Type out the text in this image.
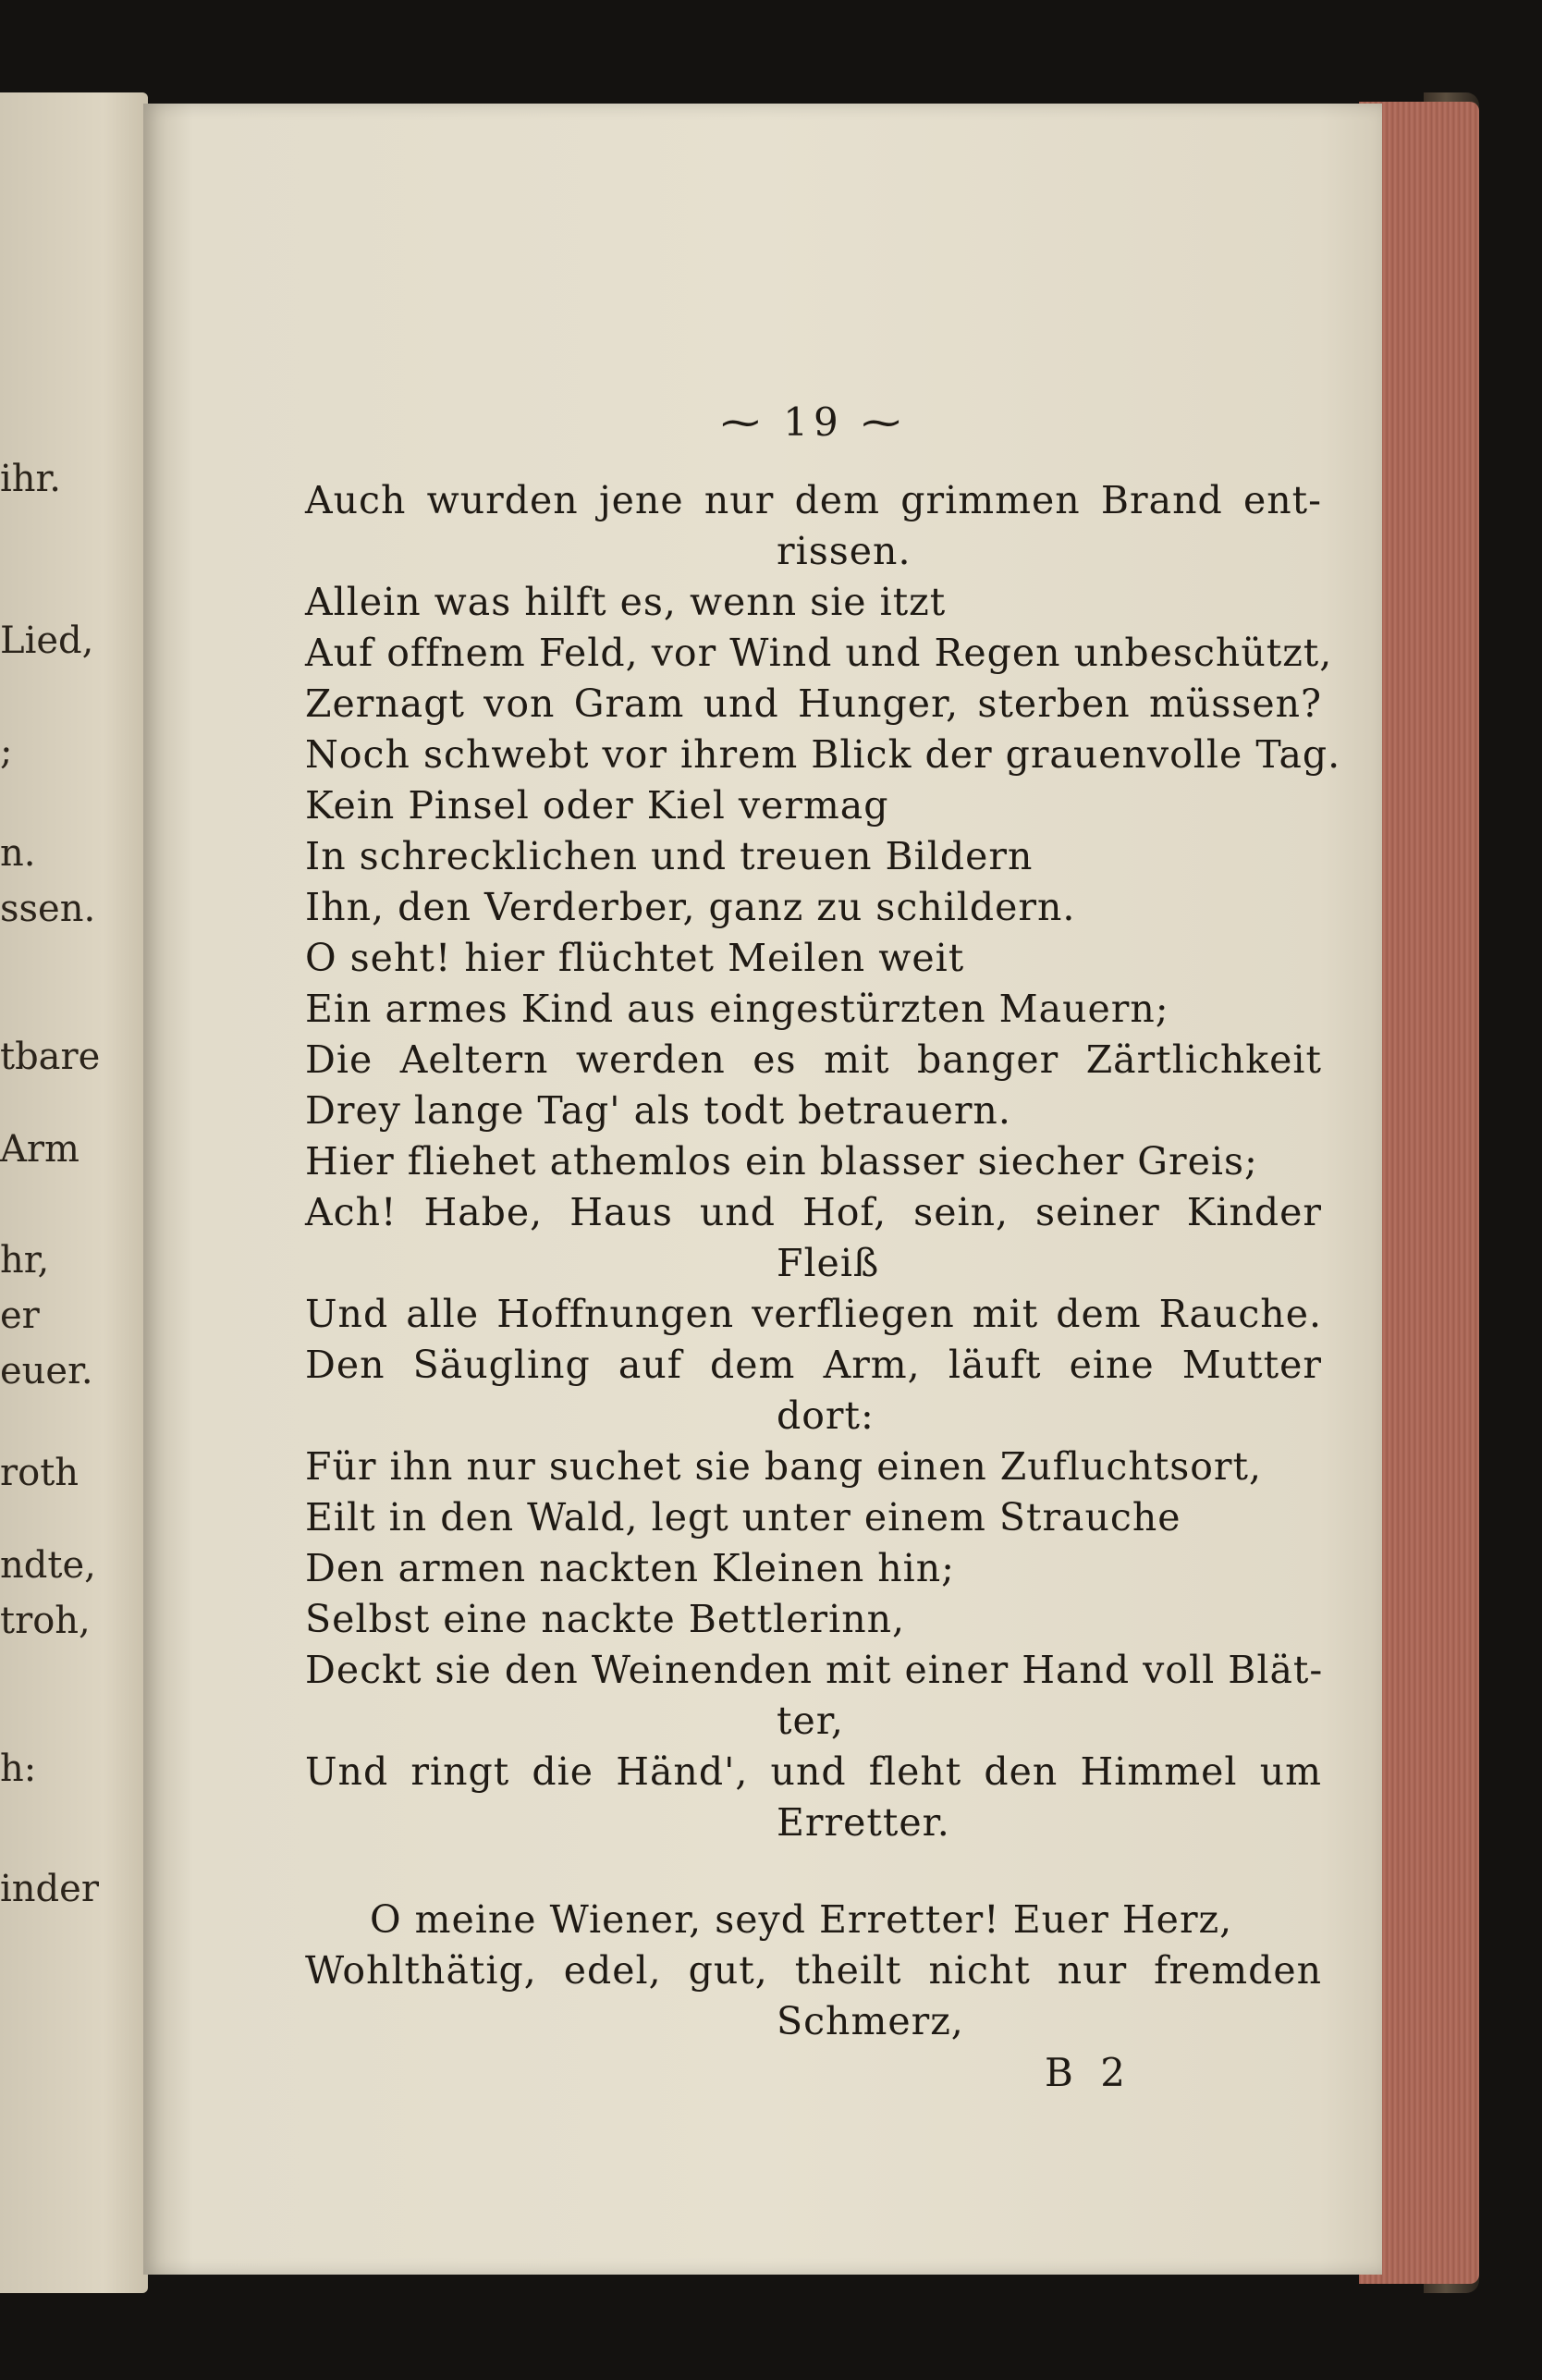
ihr.
Lied,
;
n.
ssen.
tbare
Arm
hr,
er
euer.
roth
ndte,
troh,
h:
inder
⁓ 19 ⁓
Auch wurden jene nur dem grimmen Brand ent-
rissen.
Allein was hilft es, wenn sie itzt
Auf offnem Feld, vor Wind und Regen unbeschützt,
Zernagt von Gram und Hunger, sterben müssen?
Noch schwebt vor ihrem Blick der grauenvolle Tag.
Kein Pinsel oder Kiel vermag
In schrecklichen und treuen Bildern
Ihn, den Verderber, ganz zu schildern.
O seht! hier flüchtet Meilen weit
Ein armes Kind aus eingestürzten Mauern;
Die Aeltern werden es mit banger Zärtlichkeit
Drey lange Tag' als todt betrauern.
Hier fliehet athemlos ein blasser siecher Greis;
Ach! Habe, Haus und Hof, sein, seiner Kinder
Fleiß
Und alle Hoffnungen verfliegen mit dem Rauche.
Den Säugling auf dem Arm, läuft eine Mutter
dort:
Für ihn nur suchet sie bang einen Zufluchtsort,
Eilt in den Wald, legt unter einem Strauche
Den armen nackten Kleinen hin;
Selbst eine nackte Bettlerinn,
Deckt sie den Weinenden mit einer Hand voll Blät-
ter,
Und ringt die Händ', und fleht den Himmel um
Erretter.
O meine Wiener, seyd Erretter! Euer Herz,
Wohlthätig, edel, gut, theilt nicht nur fremden
Schmerz,
B 2
